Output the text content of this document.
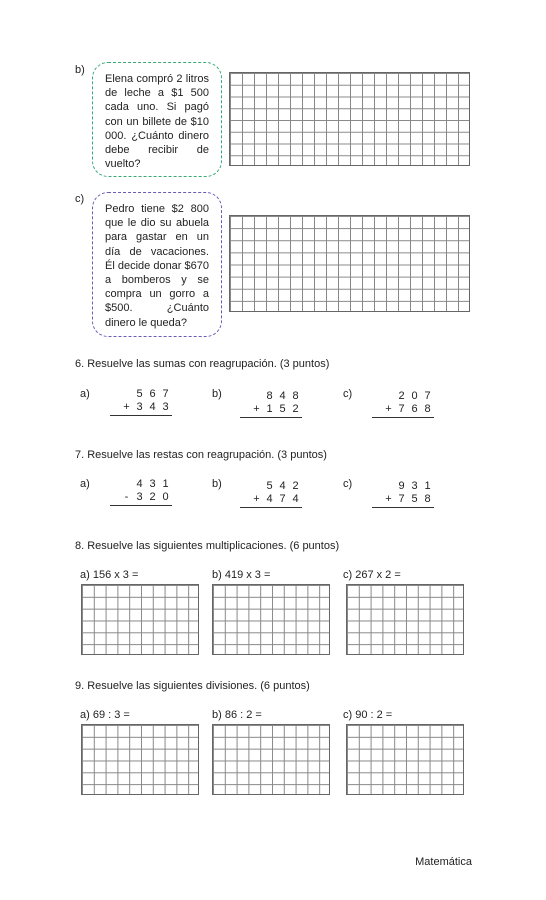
b)
Elena compró 2 litros de leche a $1 500 cada uno. Si pagó con un billete de $10 000. ¿Cuánto dinero debe recibir de vuelto?
c)
Pedro tiene $2 800 que le dio su abuela para gastar en un día de vacaciones. Él decide donar $670 a bomberos y se compra un gorro a $500. ¿Cuánto dinero le queda?
6. Resuelve las sumas con reagrupación. (3 puntos)
a)	5 6 7
+ 3 4 3
b)	8 4 8
+ 1 5 2
c)	2 0 7
+ 7 6 8
7. Resuelve las restas con reagrupación. (3 puntos)
a)	4 3 1
- 3 2 0
b)	5 4 2
+ 4 7 4
c)	9 3 1
+ 7 5 8
8. Resuelve las siguientes multiplicaciones. (6 puntos)
a) 156 x 3 =	b) 419 x 3 =	c) 267 x 2 =
9. Resuelve las siguientes divisiones. (6 puntos)
a) 69 : 3 =	b) 86 : 2 =	c) 90 : 2 =
Matemática
